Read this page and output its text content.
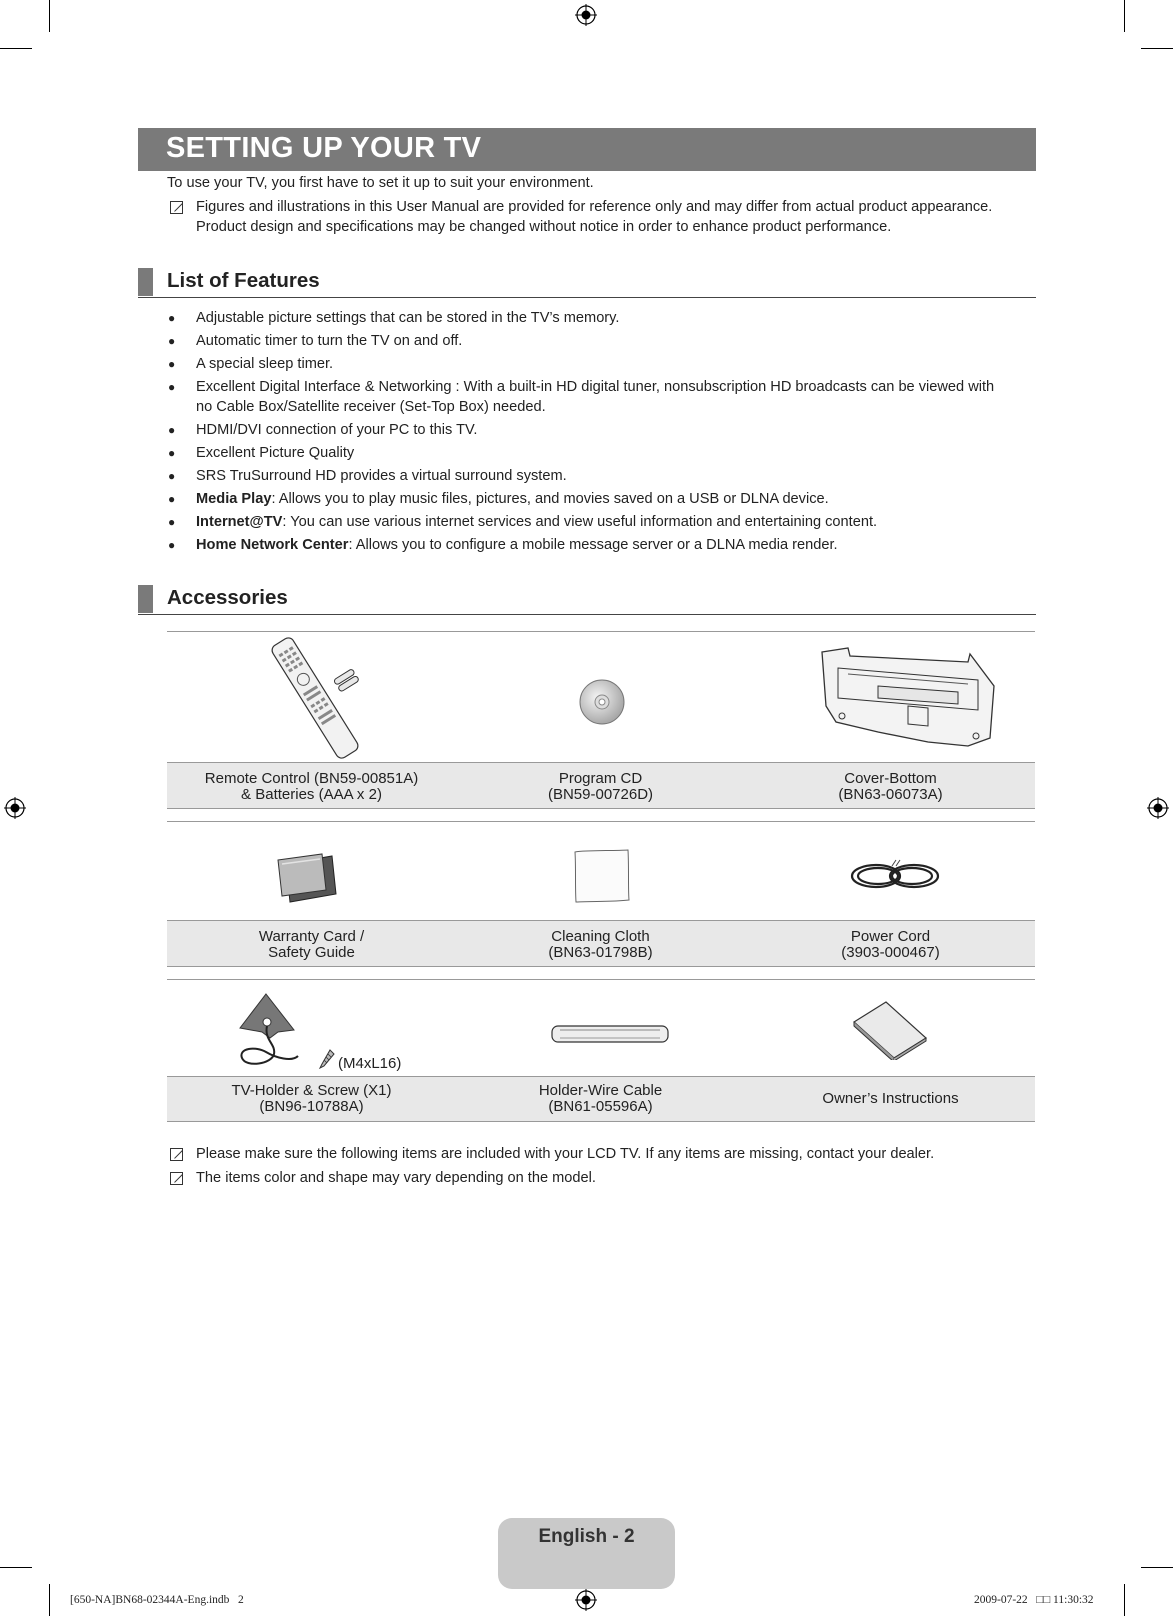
SETTING UP YOUR TV
To use your TV, you first have to set it up to suit your environment.
Figures and illustrations in this User Manual are provided for reference only and may differ from actual product appearance.
Product design and specifications may be changed without notice in order to enhance product performance.
List of Features
● Adjustable picture settings that can be stored in the TV’s memory.
● Automatic timer to turn the TV on and off.
● A special sleep timer.
● Excellent Digital Interface & Networking : With a built-in HD digital tuner, nonsubscription HD broadcasts can be viewed with
no Cable Box/Satellite receiver (Set-Top Box) needed.
● HDMI/DVI connection of your PC to this TV.
● Excellent Picture Quality
● SRS TruSurround HD provides a virtual surround system.
● Media Play: Allows you to play music files, pictures, and movies saved on a USB or DLNA device.
● Internet@TV: You can use various internet services and view useful information and entertaining content.
● Home Network Center: Allows you to configure a mobile message server or a DLNA media render.
Accessories
Remote Control (BN59-00851A)
& Batteries (AAA x 2)
Program CD
(BN59-00726D)
Cover-Bottom
(BN63-06073A)
Warranty Card /
Safety Guide
Cleaning Cloth
(BN63-01798B)
Power Cord
(3903-000467)
(M4xL16)
TV-Holder & Screw (X1)
(BN96-10788A)
Holder-Wire Cable
(BN61-05596A)	Owner’s Instructions
Please make sure the following items are included with your LCD TV. If any items are missing, contact your dealer.
The items color and shape may vary depending on the model.
English - 2
[650-NA]BN68-02344A-Eng.indb   2	2009-07-22   □□ 11:30:32
